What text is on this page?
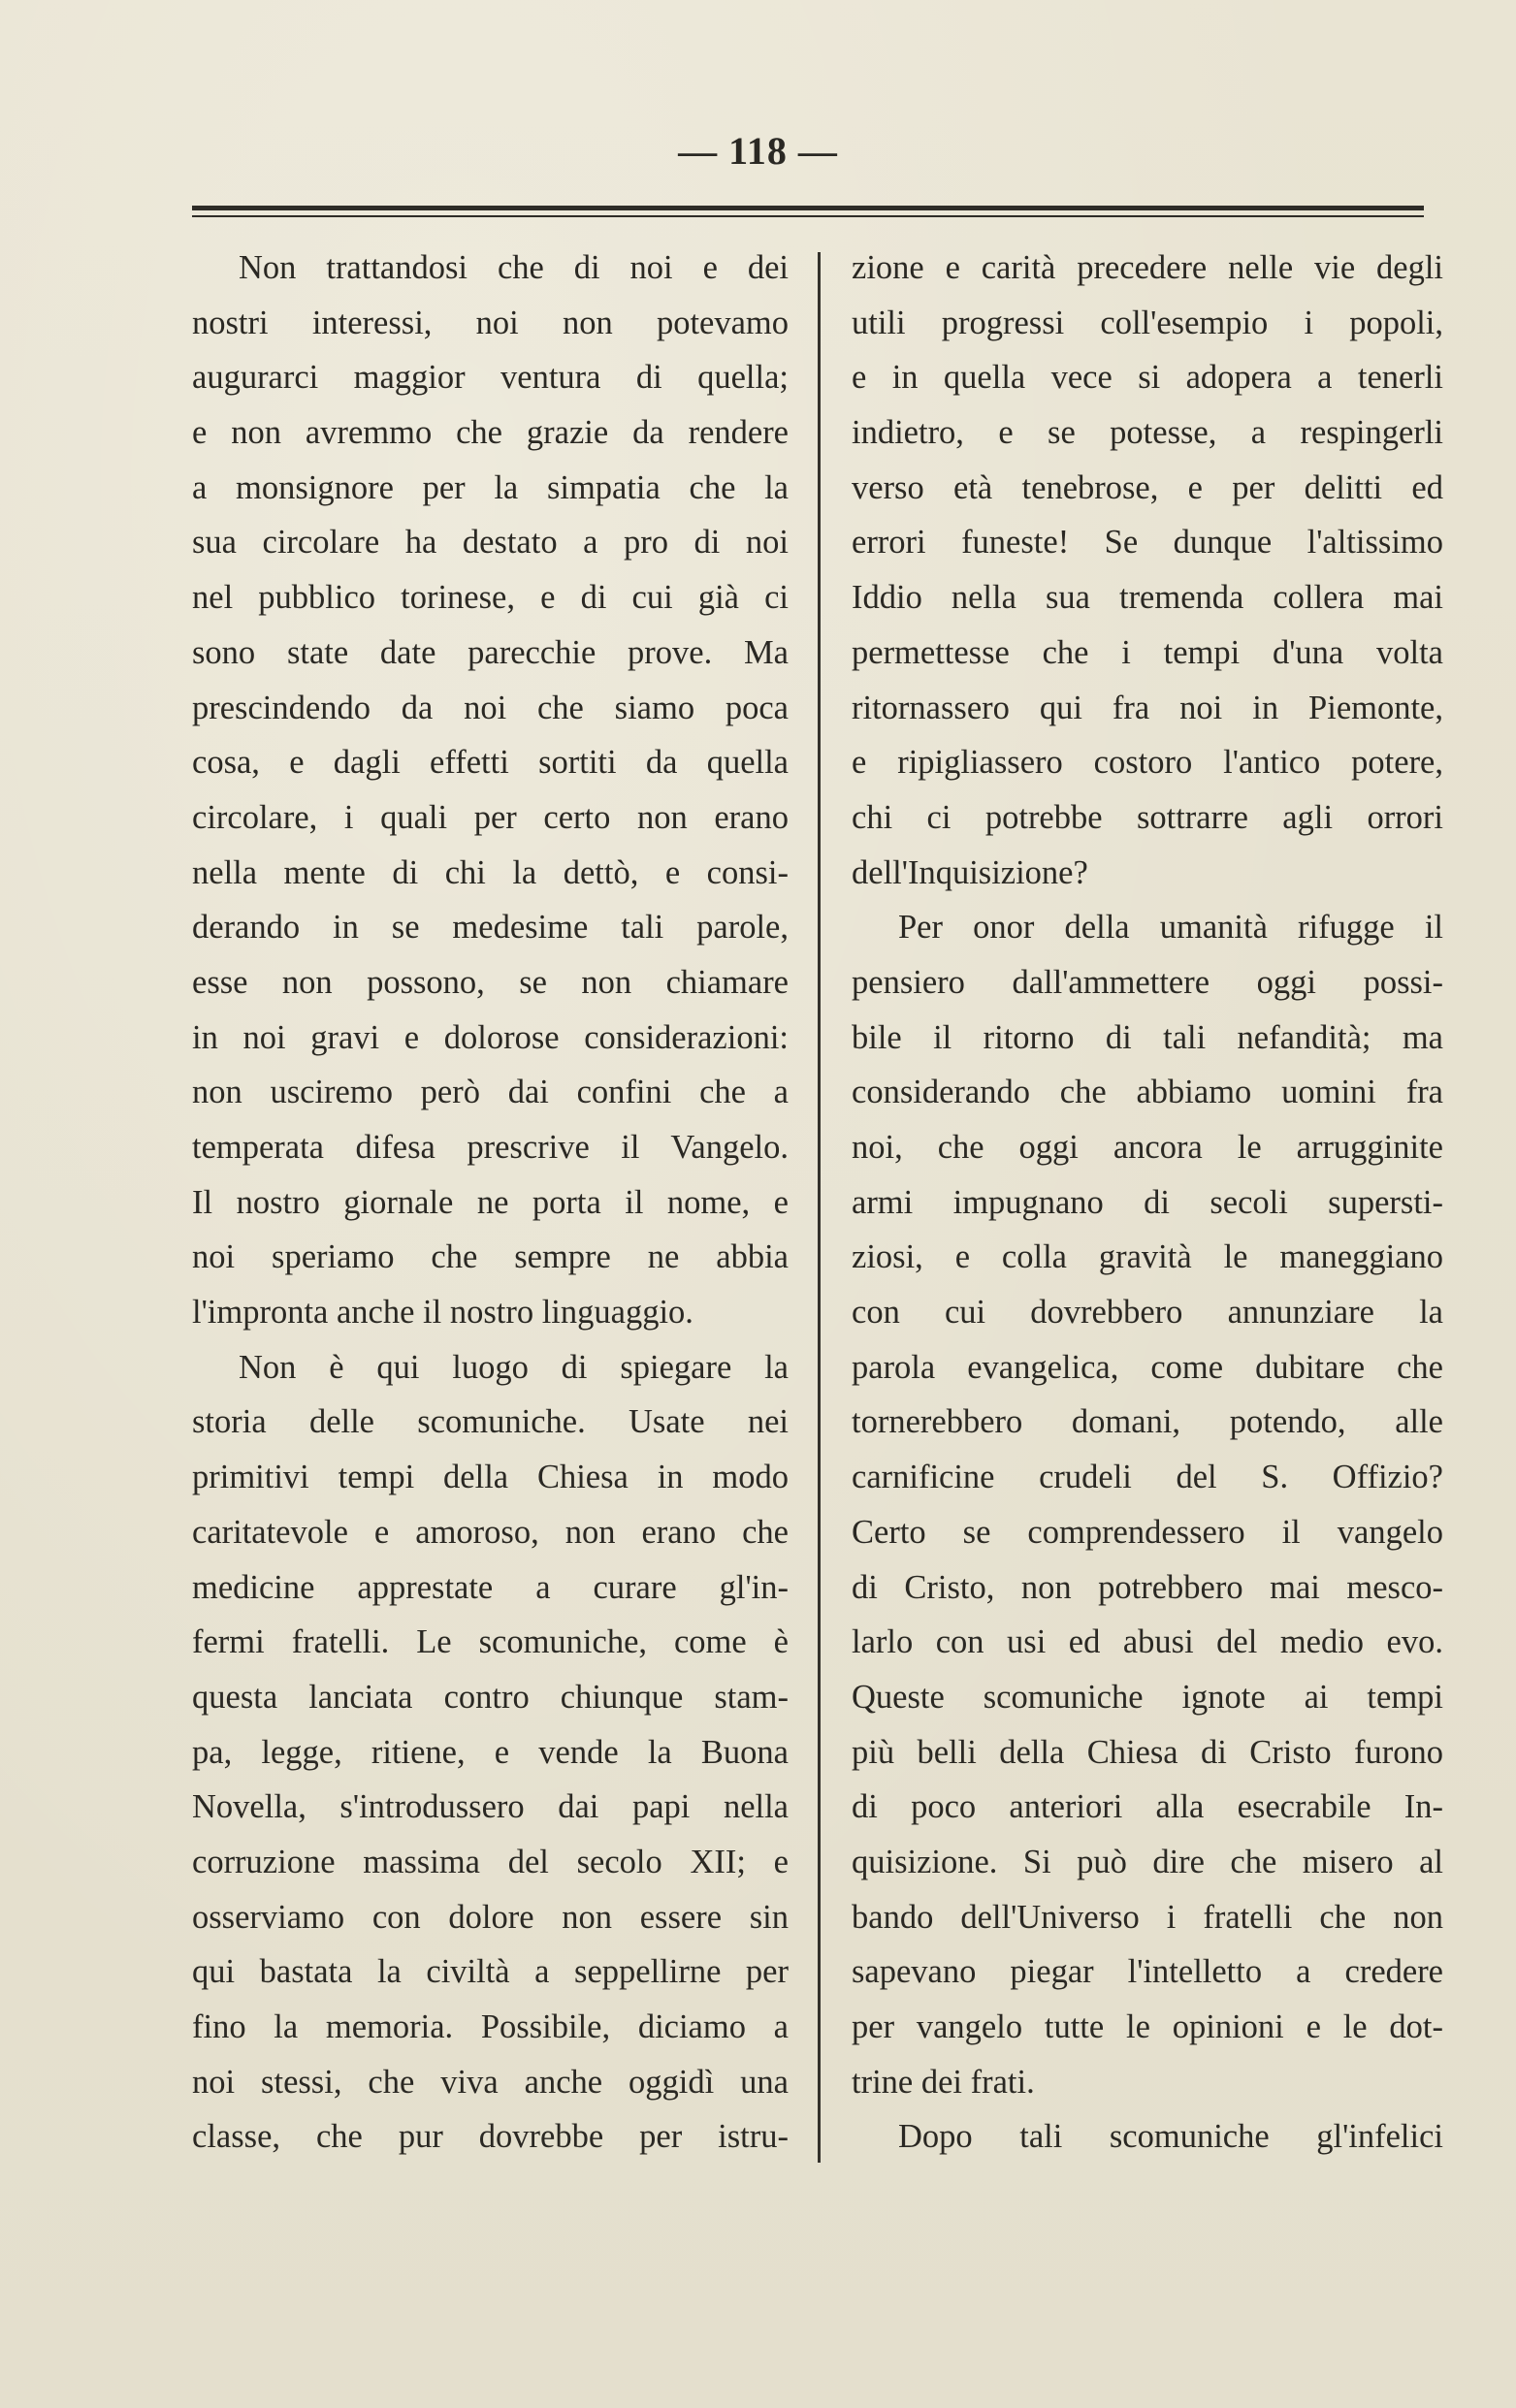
— 118 —
Non trattandosi che di noi e dei
nostri interessi, noi non potevamo
augurarci maggior ventura di quella;
e non avremmo che grazie da rendere
a monsignore per la simpatia che la
sua circolare ha destato a pro di noi
nel pubblico torinese, e di cui già ci
sono state date parecchie prove. Ma
prescindendo da noi che siamo poca
cosa, e dagli effetti sortiti da quella
circolare, i quali per certo non erano
nella mente di chi la dettò, e consi-
derando in se medesime tali parole,
esse non possono, se non chiamare
in noi gravi e dolorose considerazioni:
non usciremo però dai confini che a
temperata difesa prescrive il Vangelo.
Il nostro giornale ne porta il nome, e
noi speriamo che sempre ne abbia
l'impronta anche il nostro linguaggio.
Non è qui luogo di spiegare la
storia delle scomuniche. Usate nei
primitivi tempi della Chiesa in modo
caritatevole e amoroso, non erano che
medicine apprestate a curare gl'in-
fermi fratelli. Le scomuniche, come è
questa lanciata contro chiunque stam-
pa, legge, ritiene, e vende la Buona
Novella, s'introdussero dai papi nella
corruzione massima del secolo XII; e
osserviamo con dolore non essere sin
qui bastata la civiltà a seppellirne per
fino la memoria. Possibile, diciamo a
noi stessi, che viva anche oggidì una
classe, che pur dovrebbe per istru-
zione e carità precedere nelle vie degli
utili progressi coll'esempio i popoli,
e in quella vece si adopera a tenerli
indietro, e se potesse, a respingerli
verso età tenebrose, e per delitti ed
errori funeste! Se dunque l'altissimo
Iddio nella sua tremenda collera mai
permettesse che i tempi d'una volta
ritornassero qui fra noi in Piemonte,
e ripigliassero costoro l'antico potere,
chi ci potrebbe sottrarre agli orrori
dell'Inquisizione?
Per onor della umanità rifugge il
pensiero dall'ammettere oggi possi-
bile il ritorno di tali nefandità; ma
considerando che abbiamo uomini fra
noi, che oggi ancora le arrugginite
armi impugnano di secoli supersti-
ziosi, e colla gravità le maneggiano
con cui dovrebbero annunziare la
parola evangelica, come dubitare che
tornerebbero domani, potendo, alle
carnificine crudeli del S. Offizio?
Certo se comprendessero il vangelo
di Cristo, non potrebbero mai mesco-
larlo con usi ed abusi del medio evo.
Queste scomuniche ignote ai tempi
più belli della Chiesa di Cristo furono
di poco anteriori alla esecrabile In-
quisizione. Si può dire che misero al
bando dell'Universo i fratelli che non
sapevano piegar l'intelletto a credere
per vangelo tutte le opinioni e le dot-
trine dei frati.
Dopo tali scomuniche gl'infelici
